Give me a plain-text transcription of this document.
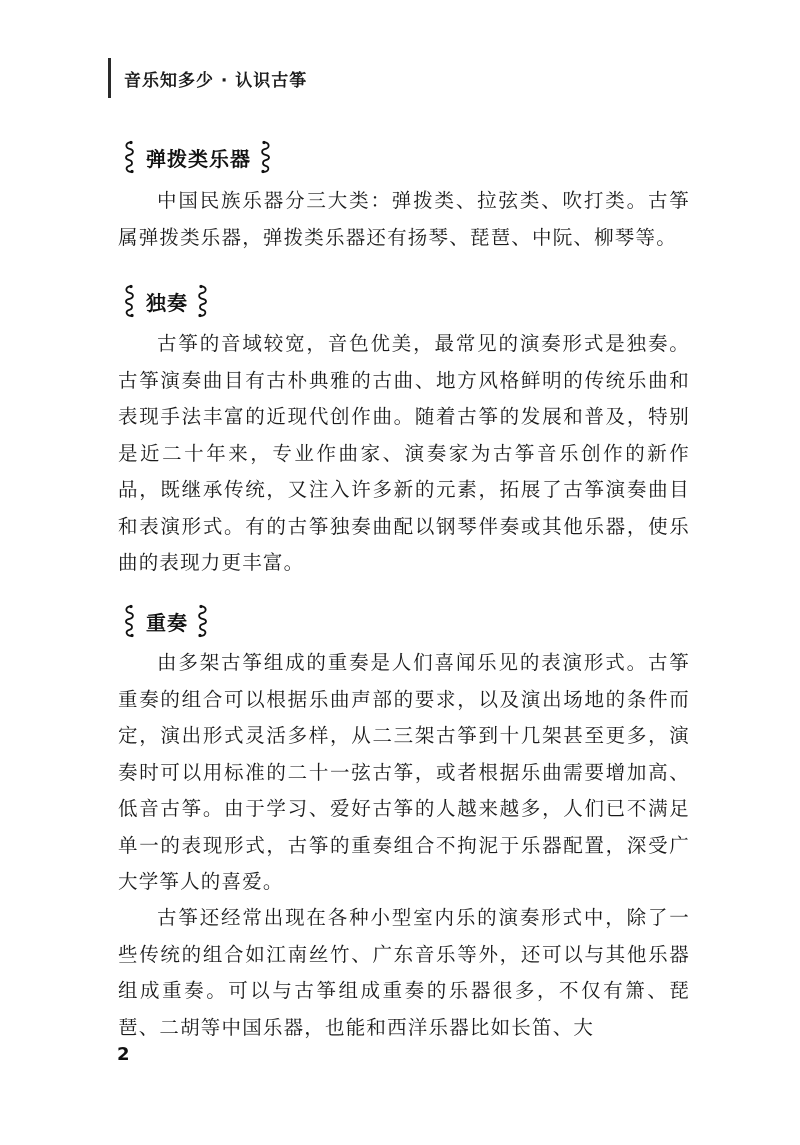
音乐知多少 · 认识古筝
弹拨类乐器

中国民族乐器分三大类：弹拨类、拉弦类、吹打类。古筝属弹拨类乐器，弹拨类乐器还有扬琴、琵琶、中阮、柳琴等。

独奏

古筝的音域较宽，音色优美，最常见的演奏形式是独奏。古筝演奏曲目有古朴典雅的古曲、地方风格鲜明的传统乐曲和表现手法丰富的近现代创作曲。随着古筝的发展和普及，特别是近二十年来，专业作曲家、演奏家为古筝音乐创作的新作品，既继承传统，又注入许多新的元素，拓展了古筝演奏曲目和表演形式。有的古筝独奏曲配以钢琴伴奏或其他乐器，使乐曲的表现力更丰富。

重奏

由多架古筝组成的重奏是人们喜闻乐见的表演形式。古筝重奏的组合可以根据乐曲声部的要求，以及演出场地的条件而定，演出形式灵活多样，从二三架古筝到十几架甚至更多，演奏时可以用标准的二十一弦古筝，或者根据乐曲需要增加高、低音古筝。由于学习、爱好古筝的人越来越多，人们已不满足单一的表现形式，古筝的重奏组合不拘泥于乐器配置，深受广大学筝人的喜爱。

古筝还经常出现在各种小型室内乐的演奏形式中，除了一些传统的组合如江南丝竹、广东音乐等外，还可以与其他乐器组成重奏。可以与古筝组成重奏的乐器很多，不仅有箫、琵琶、二胡等中国乐器，也能和西洋乐器比如长笛、大

2
